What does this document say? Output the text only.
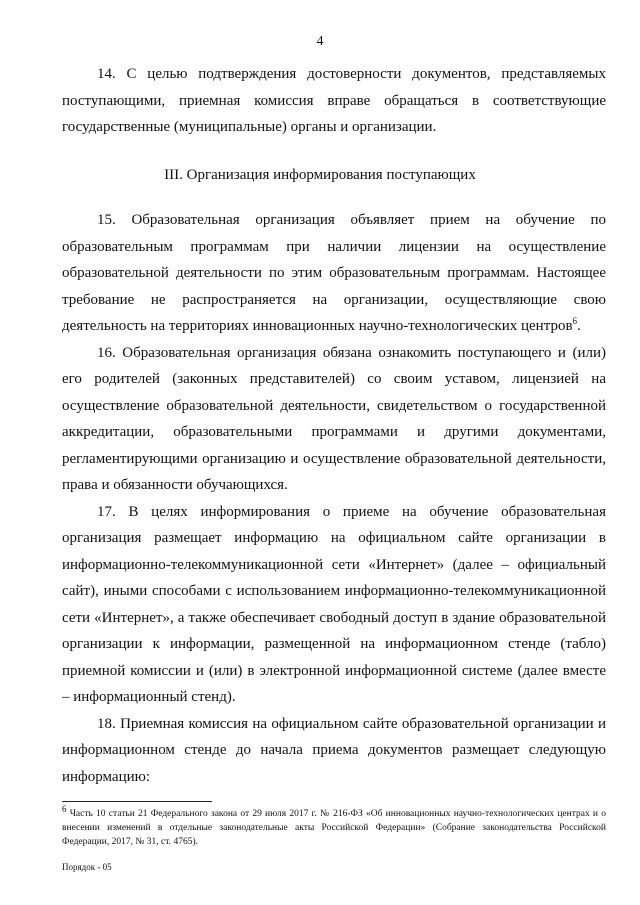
4

14. С целью подтверждения достоверности документов, представляемых поступающими, приемная комиссия вправе обращаться в соответствующие государственные (муниципальные) органы и организации.

III. Организация информирования поступающих

15. Образовательная организация объявляет прием на обучение по образовательным программам при наличии лицензии на осуществление образовательной деятельности по этим образовательным программам. Настоящее требование не распространяется на организации, осуществляющие свою деятельность на территориях инновационных научно-технологических центров$^6$.

16. Образовательная организация обязана ознакомить поступающего и (или) его родителей (законных представителей) со своим уставом, лицензией на осуществление образовательной деятельности, свидетельством о государственной аккредитации, образовательными программами и другими документами, регламентирующими организацию и осуществление образовательной деятельности, права и обязанности обучающихся.

17. В целях информирования о приеме на обучение образовательная организация размещает информацию на официальном сайте организации в информационно-телекоммуникационной сети «Интернет» (далее – официальный сайт), иными способами с использованием информационно-телекоммуникационной сети «Интернет», а также обеспечивает свободный доступ в здание образовательной организации к информации, размещенной на информационном стенде (табло) приемной комиссии и (или) в электронной информационной системе (далее вместе – информационный стенд).

18. Приемная комиссия на официальном сайте образовательной организации и информационном стенде до начала приема документов размещает следующую информацию:

$^6$ Часть 10 статьи 21 Федерального закона от 29 июля 2017 г. № 216-ФЗ «Об инновационных научно-технологических центрах и о внесении изменений в отдельные законодательные акты Российской Федерации» (Собрание законодательства Российской Федерации, 2017, № 31, ст. 4765).

Порядок - 05
